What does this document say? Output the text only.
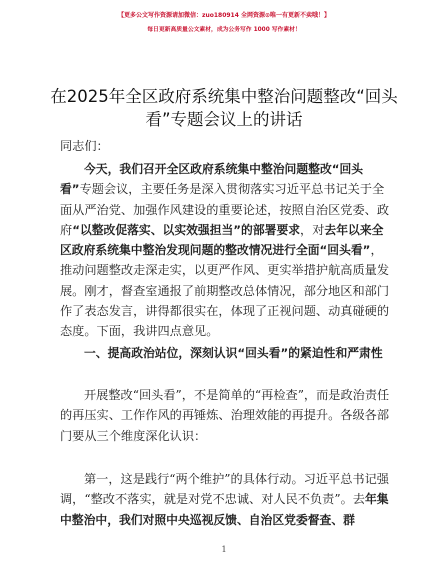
【更多公文写作资源请加微信：zuo180914 全网资源⊙唯一有更新不卖哦！】
每日更新高质量公文素材，成为公务写作 1000 写作素材！
在2025年全区政府系统集中整治问题整改“回头看”专题会议上的讲话

同志们：

今天，我们召开全区政府系统集中整治问题整改“回头看”专题会议，主要任务是深入贯彻落实习近平总书记关于全面从严治党、加强作风建设的重要论述，按照自治区党委、政府“以整改促落实、以实效强担当”的部署要求，对去年以来全区政府系统集中整治发现问题的整改情况进行全面“回头看”，推动问题整改走深走实，以更严作风、更实举措护航高质量发展。刚才，督查室通报了前期整改总体情况，部分地区和部门作了表态发言，讲得都很实在，体现了正视问题、动真碰硬的态度。下面，我讲四点意见。

一、提高政治站位，深刻认识“回头看”的紧迫性和严肃性

开展整改“回头看”，不是简单的“再检查”，而是政治责任的再压实、工作作风的再锤炼、治理效能的再提升。各级各部门要从三个维度深化认识：

第一，这是践行“两个维护”的具体行动。习近平总书记强调，“整改不落实，就是对党不忠诚、对人民不负责”。去年集中整治中，我们对照中央巡视反馈、自治区党委督查、群

1
